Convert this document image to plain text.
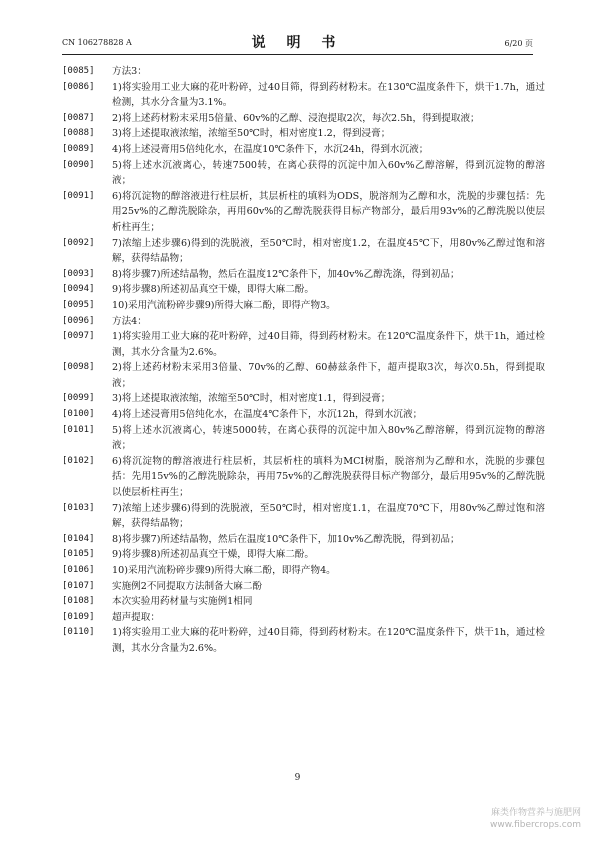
CN 106278828 A	说 明 书	6/20 页
[0085]	方法3：
[0086]	1)将实验用工业大麻的花叶粉碎，过40目筛，得到药材粉末。在130℃温度条件下，烘干1.7h，通过检测，其水分含量为3.1%。
[0087]	2)将上述药材粉末采用5倍量、60v%的乙醇、浸泡提取2次，每次2.5h，得到提取液；
[0088]	3)将上述提取液浓缩，浓缩至50℃时，相对密度1.2，得到浸膏；
[0089]	4)将上述浸膏用5倍纯化水，在温度10℃条件下，水沉24h，得到水沉液；
[0090]	5)将上述水沉液离心，转速7500转，在离心获得的沉淀中加入60v%乙醇溶解，得到沉淀物的醇溶液；
[0091]	6)将沉淀物的醇溶液进行柱层析，其层析柱的填料为ODS，脱溶剂为乙醇和水，洗脱的步骤包括：先用25v%的乙醇洗脱除杂，再用60v%的乙醇洗脱获得目标产物部分，最后用93v%的乙醇洗脱以使层析柱再生；
[0092]	7)浓缩上述步骤6)得到的洗脱液，至50℃时，相对密度1.2，在温度45℃下，用80v%乙醇过饱和溶解，获得结晶物；
[0093]	8)将步骤7)所述结晶物，然后在温度12℃条件下，加40v%乙醇洗涤，得到初品；
[0094]	9)将步骤8)所述初品真空干燥，即得大麻二酚。
[0095]	10)采用汽流粉碎步骤9)所得大麻二酚，即得产物3。
[0096]	方法4：
[0097]	1)将实验用工业大麻的花叶粉碎，过40目筛，得到药材粉末。在120℃温度条件下，烘干1h，通过检测，其水分含量为2.6%。
[0098]	2)将上述药材粉末采用3倍量、70v%的乙醇、60赫兹条件下，超声提取3次，每次0.5h，得到提取液；
[0099]	3)将上述提取液浓缩，浓缩至50℃时，相对密度1.1，得到浸膏；
[0100]	4)将上述浸膏用5倍纯化水，在温度4℃条件下，水沉12h，得到水沉液；
[0101]	5)将上述水沉液离心，转速5000转，在离心获得的沉淀中加入80v%乙醇溶解，得到沉淀物的醇溶液；
[0102]	6)将沉淀物的醇溶液进行柱层析，其层析柱的填料为MCI树脂，脱溶剂为乙醇和水，洗脱的步骤包括：先用15v%的乙醇洗脱除杂，再用75v%的乙醇洗脱获得目标产物部分，最后用95v%的乙醇洗脱以使层析柱再生；
[0103]	7)浓缩上述步骤6)得到的洗脱液，至50℃时，相对密度1.1，在温度70℃下，用80v%乙醇过饱和溶解，获得结晶物；
[0104]	8)将步骤7)所述结晶物，然后在温度10℃条件下，加10v%乙醇洗脱，得到初品；
[0105]	9)将步骤8)所述初品真空干燥，即得大麻二酚。
[0106]	10)采用汽流粉碎步骤9)所得大麻二酚，即得产物4。
[0107]	实施例2不同提取方法制备大麻二酚
[0108]	本次实验用药材量与实施例1相同
[0109]	超声提取：
[0110]	1)将实验用工业大麻的花叶粉碎，过40目筛，得到药材粉末。在120℃温度条件下，烘干1h，通过检测，其水分含量为2.6%。
9
麻类作物营养与施肥网
www.fibercrops.com
